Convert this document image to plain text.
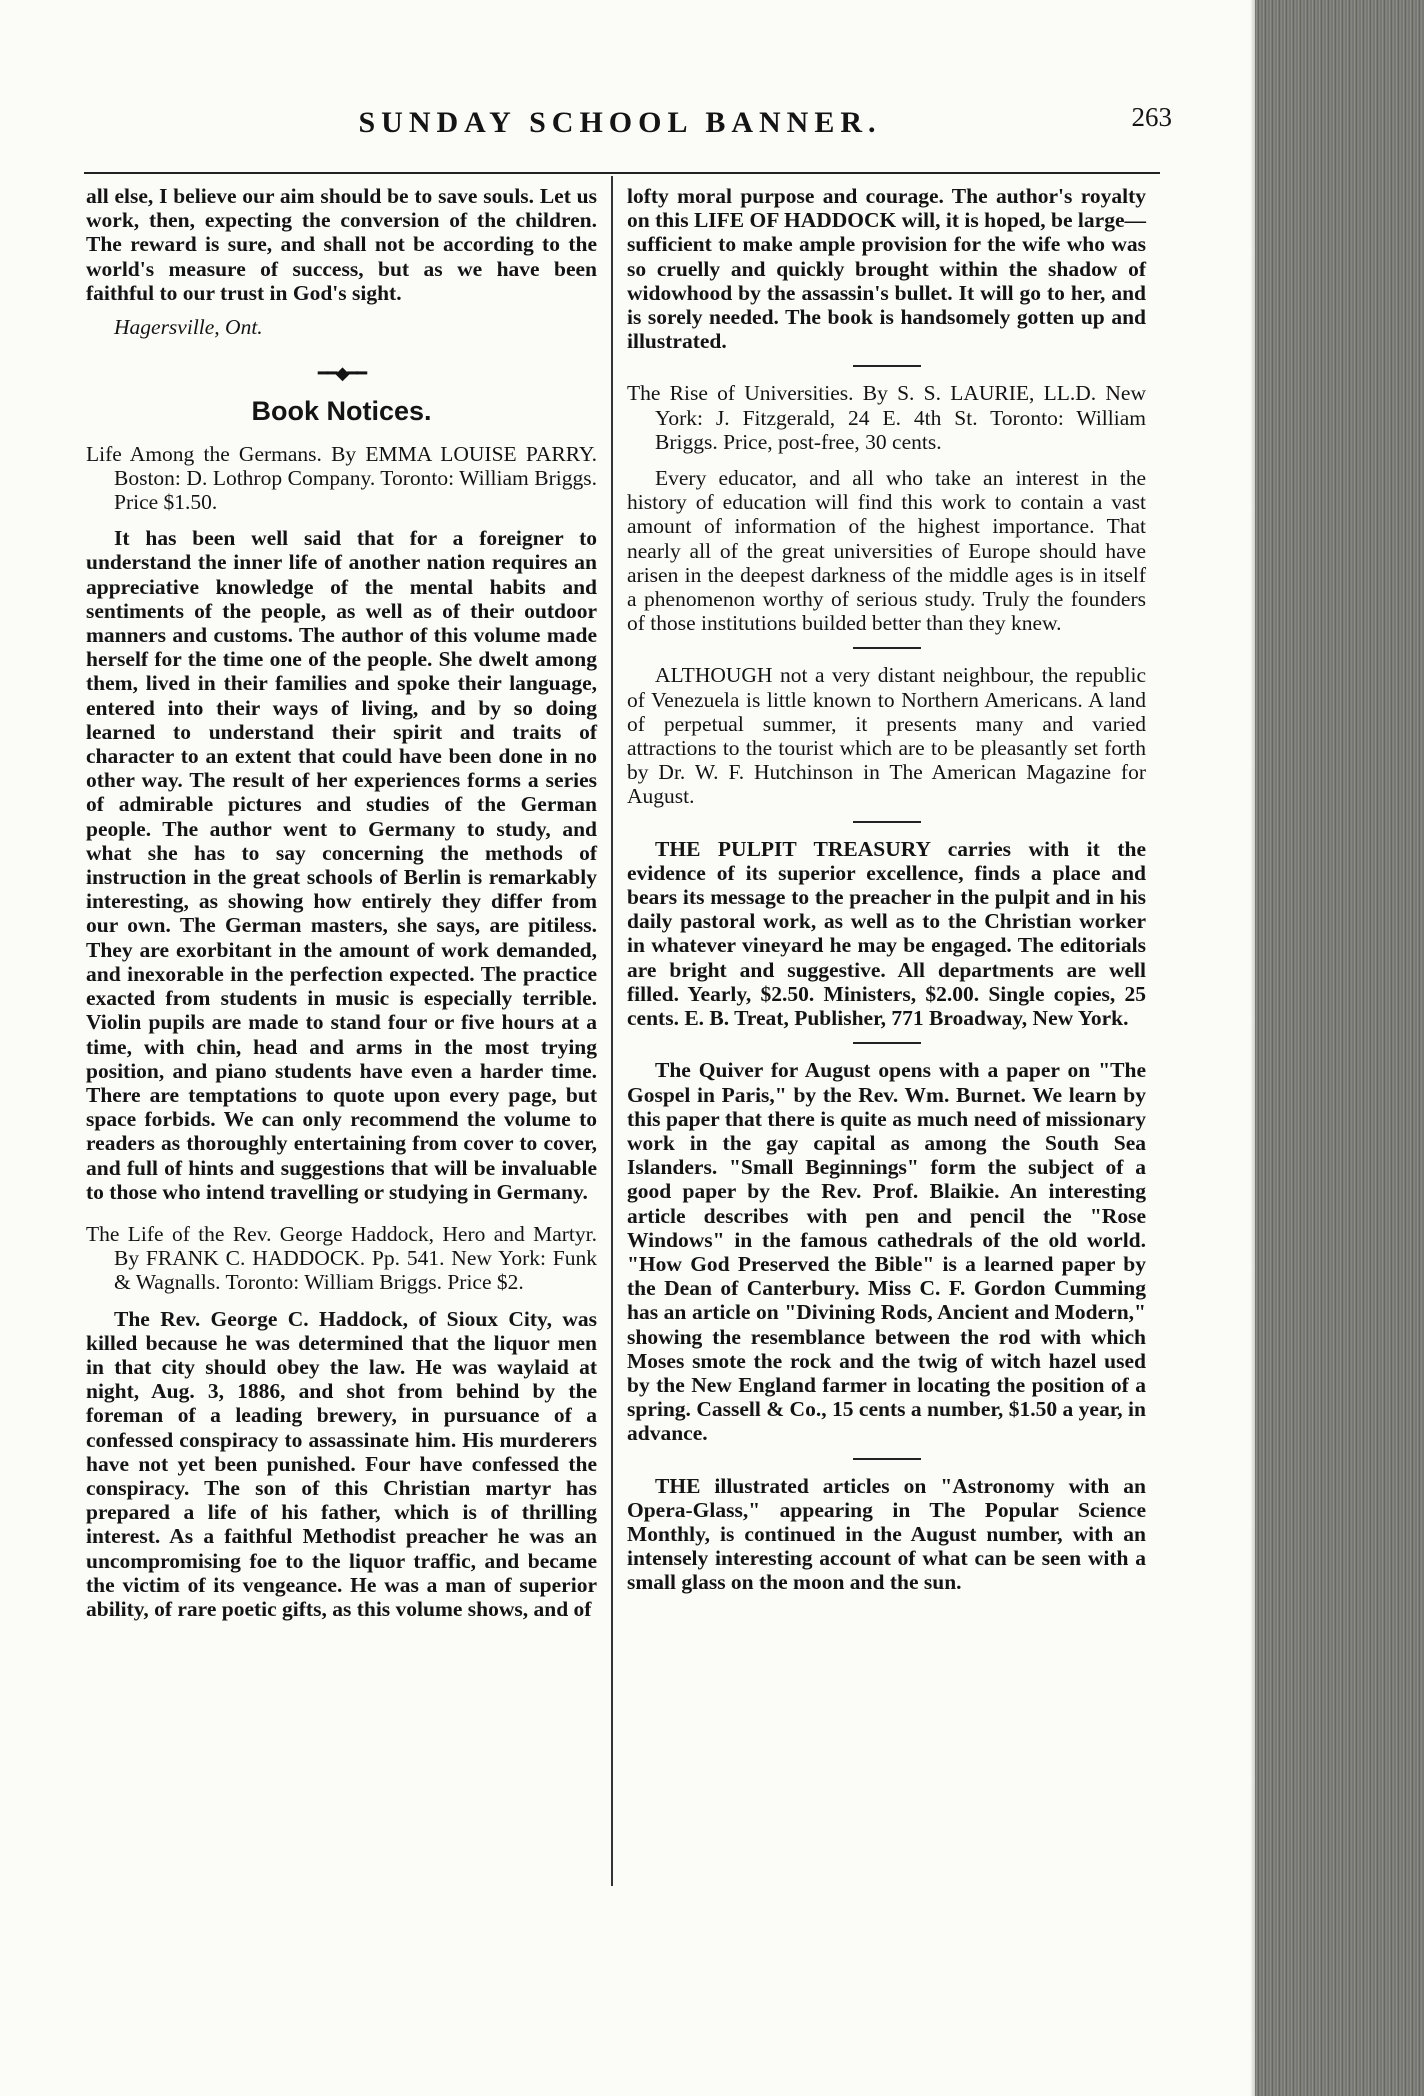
SUNDAY SCHOOL BANNER.	263

all else, I believe our aim should be to save souls. Let us work, then, expecting the conversion of the children. The reward is sure, and shall not be according to the world's measure of success, but as we have been faithful to our trust in God's sight.

Hagersville, Ont.

━━◆━━
Book Notices.

Life Among the Germans. By EMMA LOUISE PARRY. Boston: D. Lothrop Company. Toronto: William Briggs. Price $1.50.

It has been well said that for a foreigner to understand the inner life of another nation requires an appreciative knowledge of the mental habits and sentiments of the people, as well as of their outdoor manners and customs. The author of this volume made herself for the time one of the people. She dwelt among them, lived in their families and spoke their language, entered into their ways of living, and by so doing learned to understand their spirit and traits of character to an extent that could have been done in no other way. The result of her experiences forms a series of admirable pictures and studies of the German people. The author went to Germany to study, and what she has to say concerning the methods of instruction in the great schools of Berlin is remarkably interesting, as showing how entirely they differ from our own. The German masters, she says, are pitiless. They are exorbitant in the amount of work demanded, and inexorable in the perfection expected. The practice exacted from students in music is especially terrible. Violin pupils are made to stand four or five hours at a time, with chin, head and arms in the most trying position, and piano students have even a harder time. There are temptations to quote upon every page, but space forbids. We can only recommend the volume to readers as thoroughly entertaining from cover to cover, and full of hints and suggestions that will be invaluable to those who intend travelling or studying in Germany.

The Life of the Rev. George Haddock, Hero and Martyr. By FRANK C. HADDOCK. Pp. 541. New York: Funk & Wagnalls. Toronto: William Briggs. Price $2.

The Rev. George C. Haddock, of Sioux City, was killed because he was determined that the liquor men in that city should obey the law. He was waylaid at night, Aug. 3, 1886, and shot from behind by the foreman of a leading brewery, in pursuance of a confessed conspiracy to assassinate him. His murderers have not yet been punished. Four have confessed the conspiracy. The son of this Christian martyr has prepared a life of his father, which is of thrilling interest. As a faithful Methodist preacher he was an uncompromising foe to the liquor traffic, and became the victim of its vengeance. He was a man of superior ability, of rare poetic gifts, as this volume shows, and of

lofty moral purpose and courage. The author's royalty on this LIFE OF HADDOCK will, it is hoped, be large—sufficient to make ample provision for the wife who was so cruelly and quickly brought within the shadow of widowhood by the assassin's bullet. It will go to her, and is sorely needed. The book is handsomely gotten up and illustrated.

The Rise of Universities. By S. S. LAURIE, LL.D. New York: J. Fitzgerald, 24 E. 4th St. Toronto: William Briggs. Price, post-free, 30 cents.

Every educator, and all who take an interest in the history of education will find this work to contain a vast amount of information of the highest importance. That nearly all of the great universities of Europe should have arisen in the deepest darkness of the middle ages is in itself a phenomenon worthy of serious study. Truly the founders of those institutions builded better than they knew.

ALTHOUGH not a very distant neighbour, the republic of Venezuela is little known to Northern Americans. A land of perpetual summer, it presents many and varied attractions to the tourist which are to be pleasantly set forth by Dr. W. F. Hutchinson in The American Magazine for August.

THE PULPIT TREASURY carries with it the evidence of its superior excellence, finds a place and bears its message to the preacher in the pulpit and in his daily pastoral work, as well as to the Christian worker in whatever vineyard he may be engaged. The editorials are bright and suggestive. All departments are well filled. Yearly, $2.50. Ministers, $2.00. Single copies, 25 cents. E. B. Treat, Publisher, 771 Broadway, New York.

The Quiver for August opens with a paper on "The Gospel in Paris," by the Rev. Wm. Burnet. We learn by this paper that there is quite as much need of missionary work in the gay capital as among the South Sea Islanders. "Small Beginnings" form the subject of a good paper by the Rev. Prof. Blaikie. An interesting article describes with pen and pencil the "Rose Windows" in the famous cathedrals of the old world. "How God Preserved the Bible" is a learned paper by the Dean of Canterbury. Miss C. F. Gordon Cumming has an article on "Divining Rods, Ancient and Modern," showing the resemblance between the rod with which Moses smote the rock and the twig of witch hazel used by the New England farmer in locating the position of a spring. Cassell & Co., 15 cents a number, $1.50 a year, in advance.

THE illustrated articles on "Astronomy with an Opera-Glass," appearing in The Popular Science Monthly, is continued in the August number, with an intensely interesting account of what can be seen with a small glass on the moon and the sun.
